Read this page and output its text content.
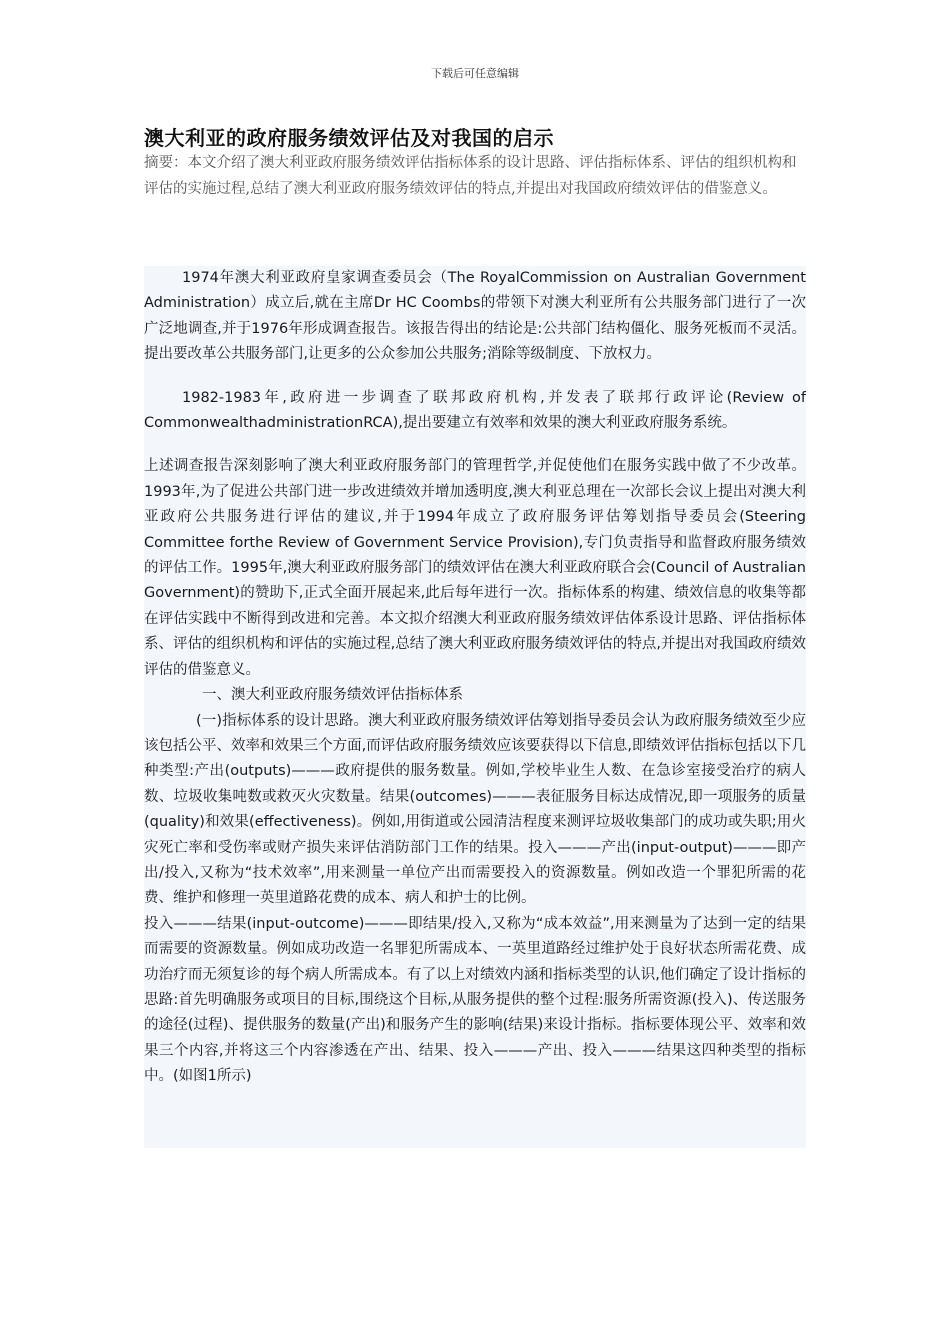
下载后可任意编辑
澳大利亚的政府服务绩效评估及对我国的启示

摘要：本文介绍了澳大利亚政府服务绩效评估指标体系的设计思路、评估指标体系、评估的组织机构和评估的实施过程,总结了澳大利亚政府服务绩效评估的特点,并提出对我国政府绩效评估的借鉴意义。

1974年澳大利亚政府皇家调查委员会（The RoyalCommission on Australian Government Administration）成立后,就在主席Dr HC Coombs的带领下对澳大利亚所有公共服务部门进行了一次广泛地调查,并于1976年形成调查报告。该报告得出的结论是:公共部门结构僵化、服务死板而不灵活。提出要改革公共服务部门,让更多的公众参加公共服务;消除等级制度、下放权力。

1982-1983年,政府进一步调查了联邦政府机构,并发表了联邦行政评论(Review of CommonwealthadministrationRCA),提出要建立有效率和效果的澳大利亚政府服务系统。

上述调查报告深刻影响了澳大利亚政府服务部门的管理哲学,并促使他们在服务实践中做了不少改革。1993年,为了促进公共部门进一步改进绩效并增加透明度,澳大利亚总理在一次部长会议上提出对澳大利亚政府公共服务进行评估的建议,并于1994年成立了政府服务评估筹划指导委员会(Steering Committee forthe Review of Government Service Provision),专门负责指导和监督政府服务绩效的评估工作。1995年,澳大利亚政府服务部门的绩效评估在澳大利亚政府联合会(Council of Australian Government)的赞助下,正式全面开展起来,此后每年进行一次。指标体系的构建、绩效信息的收集等都在评估实践中不断得到改进和完善。本文拟介绍澳大利亚政府服务绩效评估体系设计思路、评估指标体系、评估的组织机构和评估的实施过程,总结了澳大利亚政府服务绩效评估的特点,并提出对我国政府绩效评估的借鉴意义。

一、澳大利亚政府服务绩效评估指标体系

(一)指标体系的设计思路。澳大利亚政府服务绩效评估筹划指导委员会认为政府服务绩效至少应该包括公平、效率和效果三个方面,而评估政府服务绩效应该要获得以下信息,即绩效评估指标包括以下几种类型:产出(outputs)———政府提供的服务数量。例如,学校毕业生人数、在急诊室接受治疗的病人数、垃圾收集吨数或救灭火灾数量。结果(outcomes)———表征服务目标达成情况,即一项服务的质量(quality)和效果(effectiveness)。例如,用街道或公园清洁程度来测评垃圾收集部门的成功或失职;用火灾死亡率和受伤率或财产损失来评估消防部门工作的结果。投入———产出(input-output)———即产出/投入,又称为“技术效率”,用来测量一单位产出而需要投入的资源数量。例如改造一个罪犯所需的花费、维护和修理一英里道路花费的成本、病人和护士的比例。

投入———结果(input-outcome)———即结果/投入,又称为“成本效益”,用来测量为了达到一定的结果而需要的资源数量。例如成功改造一名罪犯所需成本、一英里道路经过维护处于良好状态所需花费、成功治疗而无须复诊的每个病人所需成本。有了以上对绩效内涵和指标类型的认识,他们确定了设计指标的思路:首先明确服务或项目的目标,围绕这个目标,从服务提供的整个过程:服务所需资源(投入)、传送服务的途径(过程)、提供服务的数量(产出)和服务产生的影响(结果)来设计指标。指标要体现公平、效率和效果三个内容,并将这三个内容渗透在产出、结果、投入———产出、投入———结果这四种类型的指标中。(如图1所示)
